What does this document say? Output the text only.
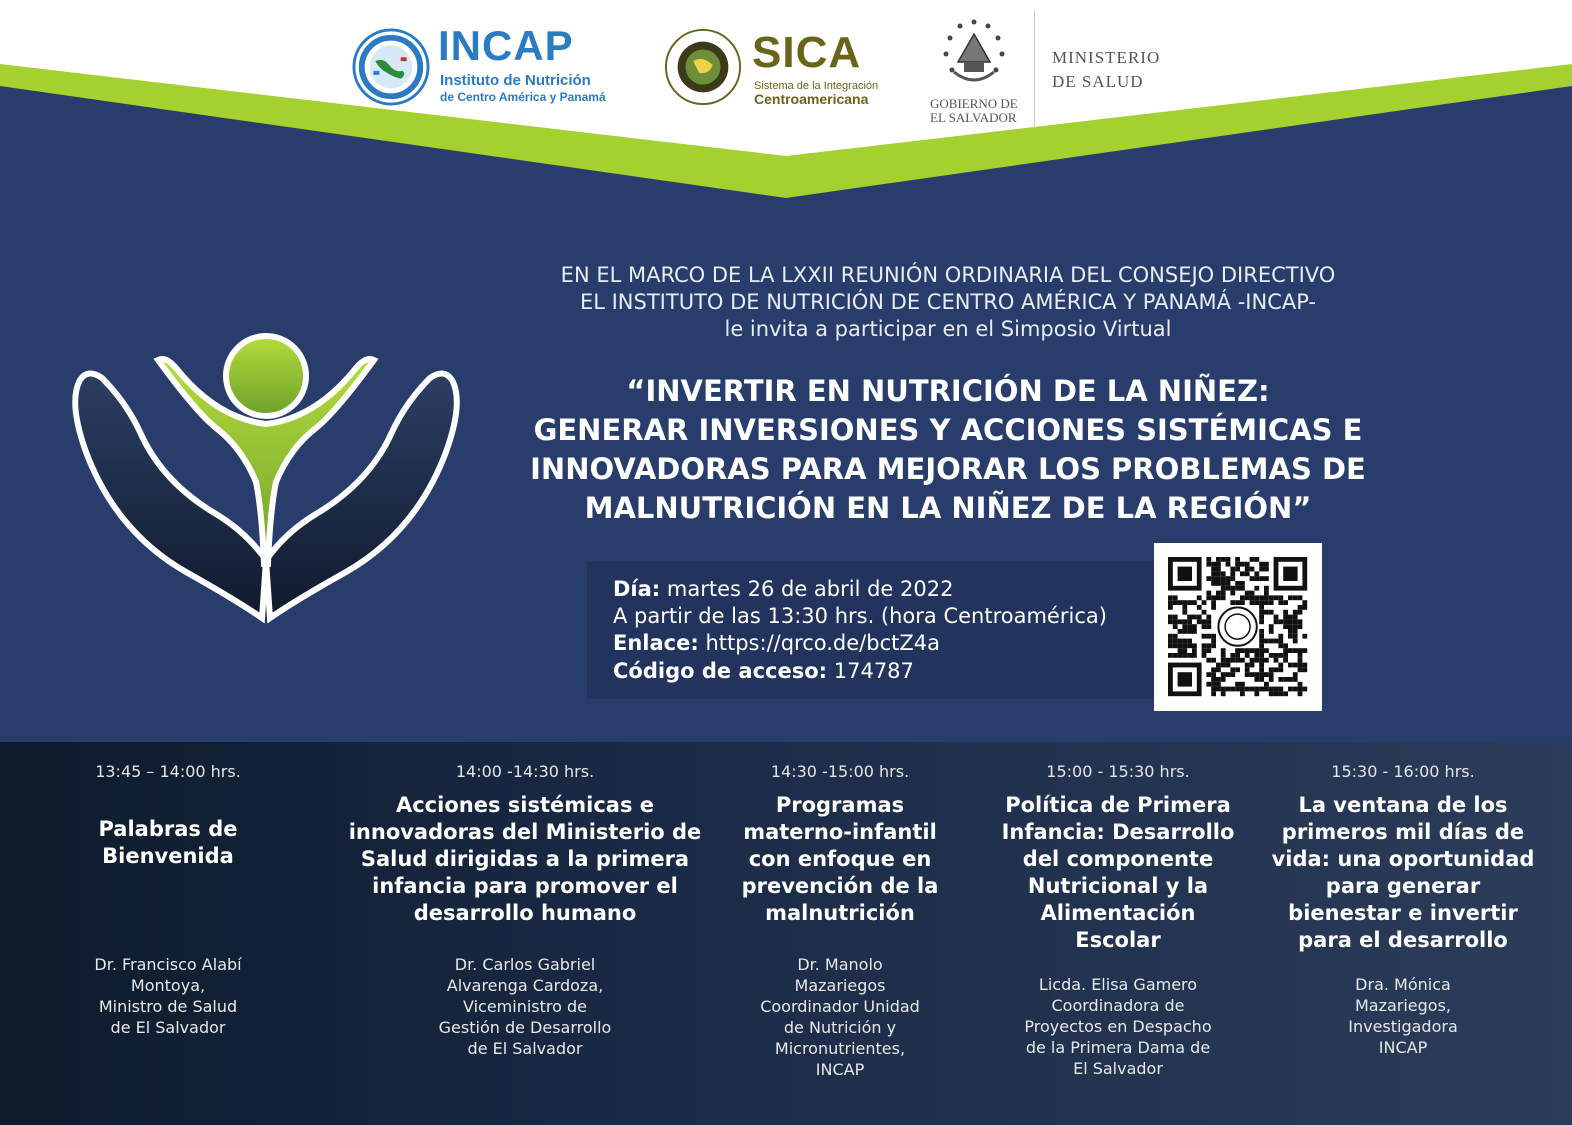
INCAP
Instituto de Nutrición
de Centro América y Panamá
SICA
Sistema de la Integración
Centroamericana	GOBIERNO DE
EL SALVADOR
MINISTERIO
DE SALUD
EN EL MARCO DE LA LXXII REUNIÓN ORDINARIA DEL CONSEJO DIRECTIVO
EL INSTITUTO DE NUTRICIÓN DE CENTRO AMÉRICA Y PANAMÁ -INCAP-
le invita a participar en el Simposio Virtual
“INVERTIR EN NUTRICIÓN DE LA NIÑEZ:
GENERAR INVERSIONES Y ACCIONES SISTÉMICAS E
INNOVADORAS PARA MEJORAR LOS PROBLEMAS DE
MALNUTRICIÓN EN LA NIÑEZ DE LA REGIÓN”
Día: martes 26 de abril de 2022
A partir de las 13:30 hrs. (hora Centroamérica)
Enlace: https://qrco.de/bctZ4a
Código de acceso: 174787
13:45 – 14:00 hrs.
Palabras de
Bienvenida
Dr. Francisco Alabí
Montoya,
Ministro de Salud
de El Salvador
14:00 -14:30 hrs.
Acciones sistémicas e
innovadoras del Ministerio de
Salud dirigidas a la primera
infancia para promover el
desarrollo humano
Dr. Carlos Gabriel
Alvarenga Cardoza,
Viceministro de
Gestión de Desarrollo
de El Salvador
14:30 -15:00 hrs.
Programas
materno-infantil
con enfoque en
prevención de la
malnutrición
Dr. Manolo
Mazariegos
Coordinador Unidad
de Nutrición y
Micronutrientes,
INCAP
15:00 - 15:30 hrs.
Política de Primera
Infancia: Desarrollo
del componente
Nutricional y la
Alimentación
Escolar
Licda. Elisa Gamero
Coordinadora de
Proyectos en Despacho
de la Primera Dama de
El Salvador
15:30 - 16:00 hrs.
La ventana de los
primeros mil días de
vida: una oportunidad
para generar
bienestar e invertir
para el desarrollo
Dra. Mónica
Mazariegos,
Investigadora
INCAP
